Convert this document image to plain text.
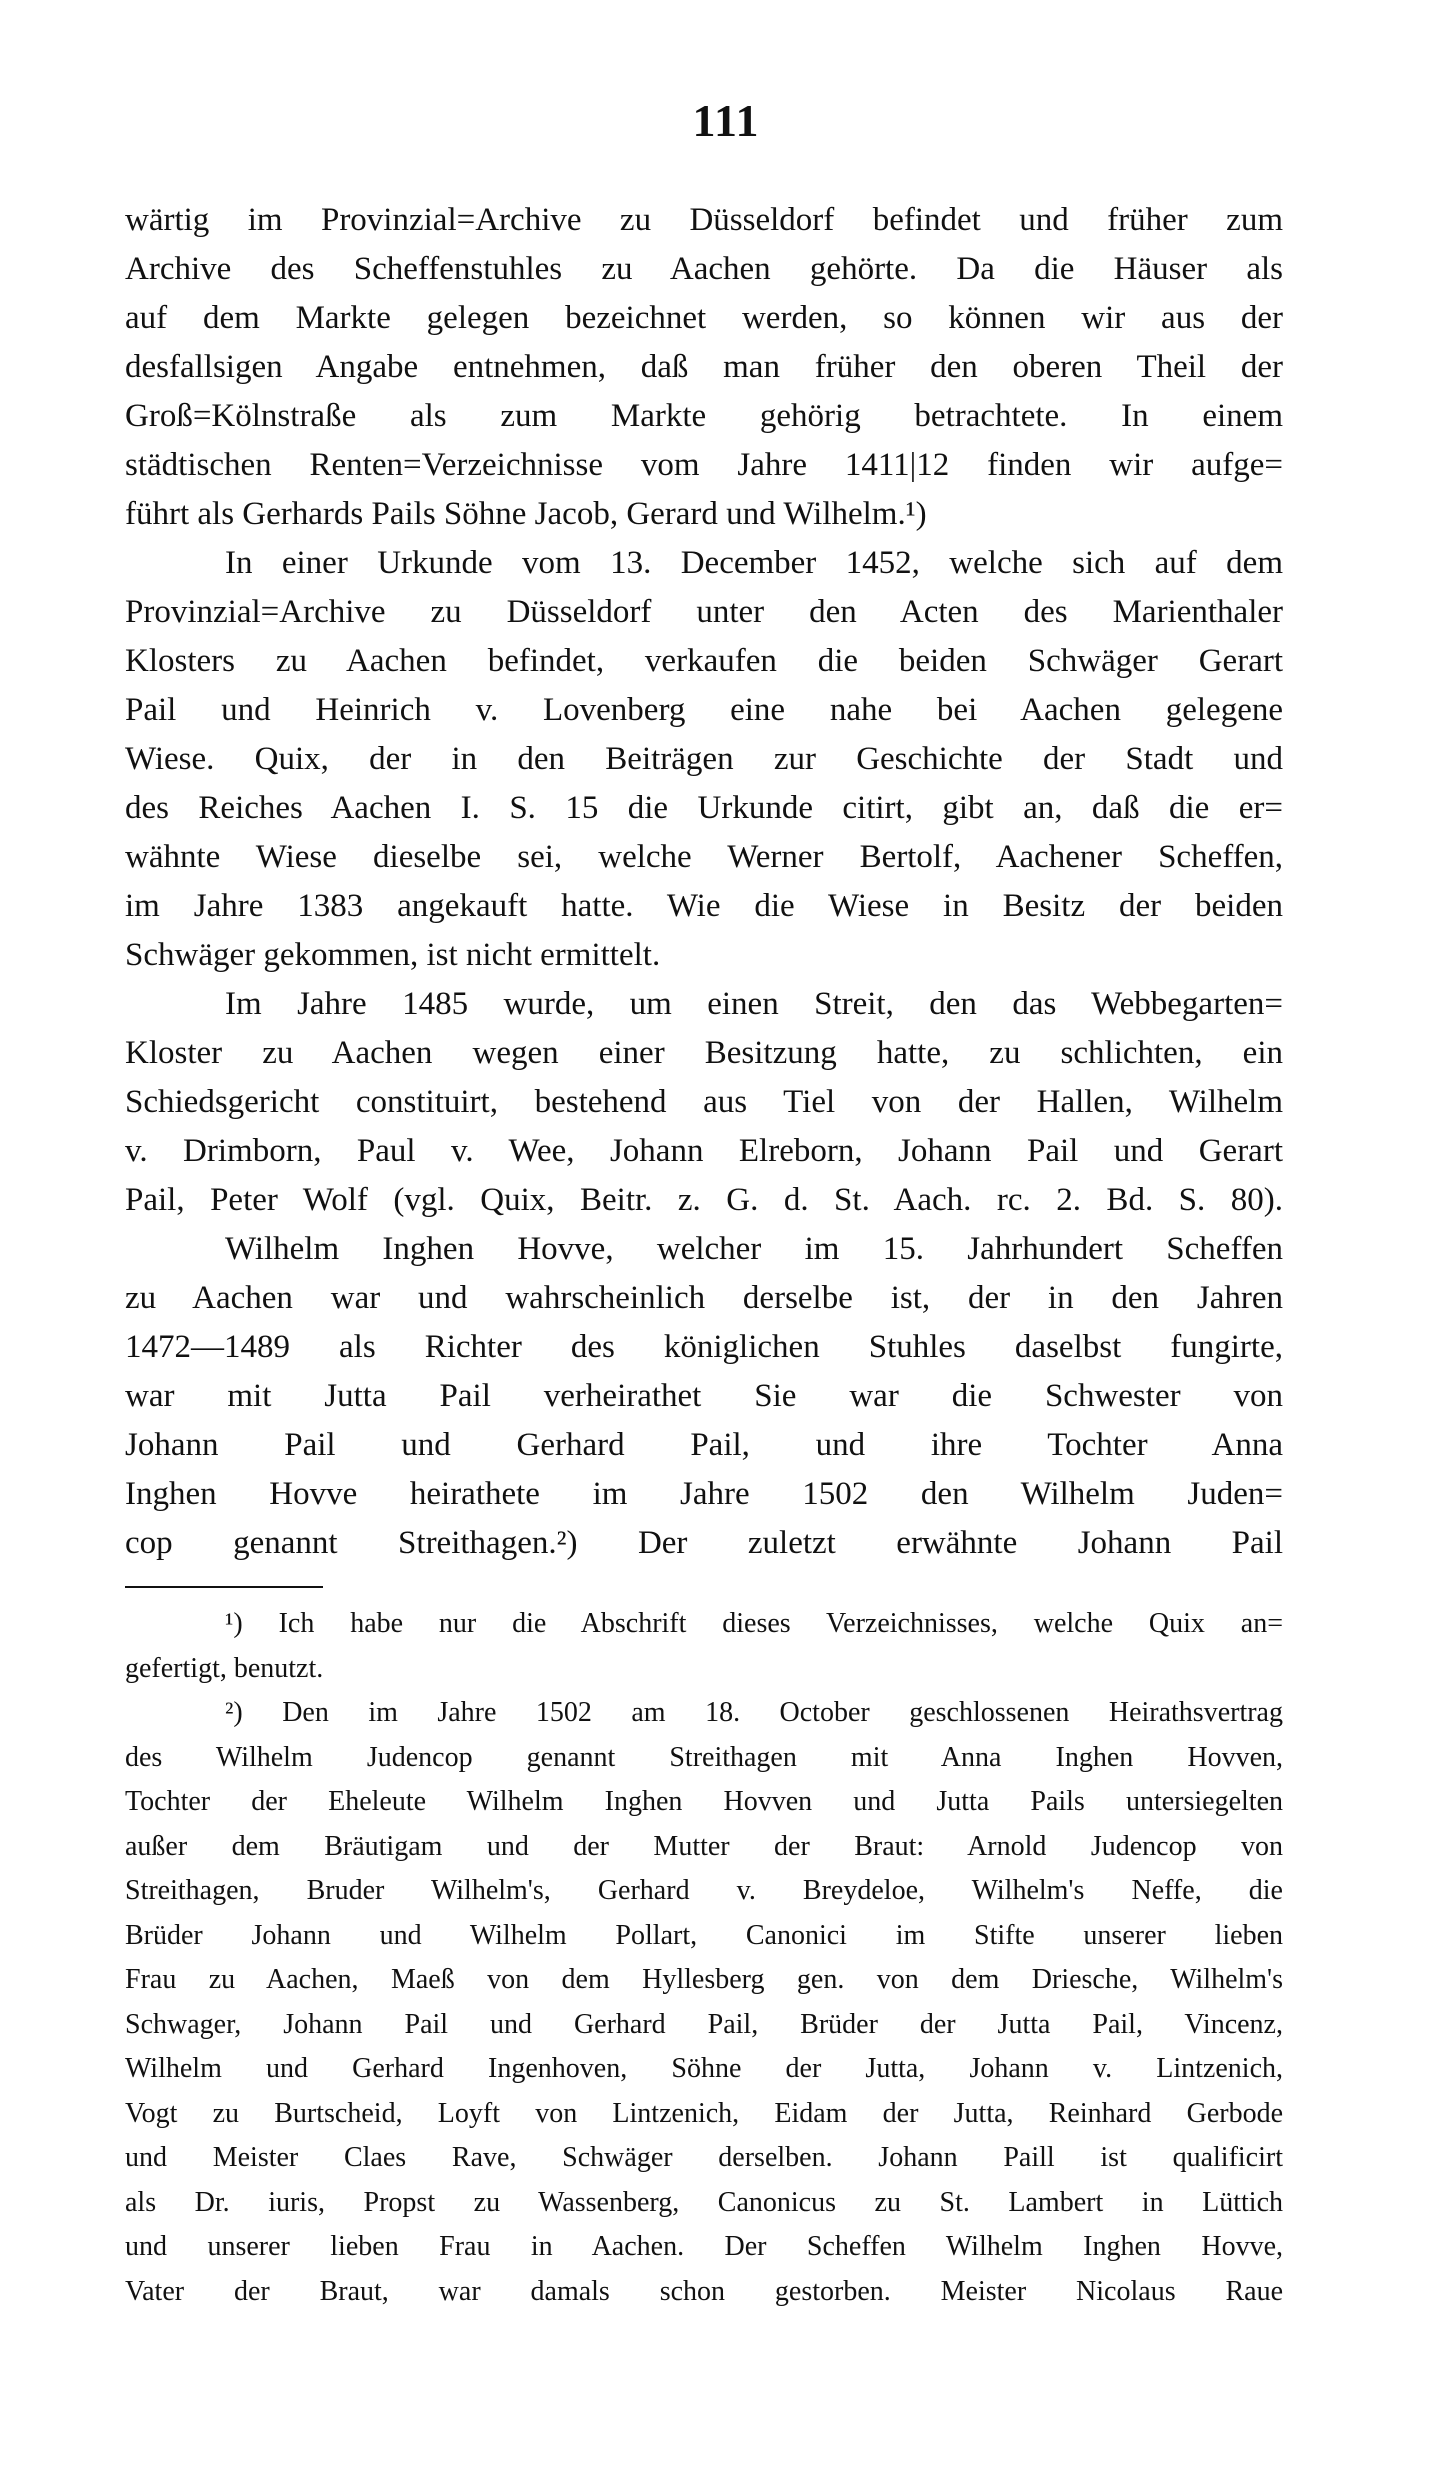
111
wärtig im Provinzial=Archive zu Düsseldorf befindet und früher zum
Archive des Scheffenstuhles zu Aachen gehörte. Da die Häuser als
auf dem Markte gelegen bezeichnet werden, so können wir aus der
desfallsigen Angabe entnehmen, daß man früher den oberen Theil der
Groß=Kölnstraße als zum Markte gehörig betrachtete. In einem
städtischen Renten=Verzeichnisse vom Jahre 1411|12 finden wir aufge=
führt als Gerhards Pails Söhne Jacob, Gerard und Wilhelm.¹)
In einer Urkunde vom 13. December 1452, welche sich auf dem
Provinzial=Archive zu Düsseldorf unter den Acten des Marienthaler
Klosters zu Aachen befindet, verkaufen die beiden Schwäger Gerart
Pail und Heinrich v. Lovenberg eine nahe bei Aachen gelegene
Wiese. Quix, der in den Beiträgen zur Geschichte der Stadt und
des Reiches Aachen I. S. 15 die Urkunde citirt, gibt an, daß die er=
wähnte Wiese dieselbe sei, welche Werner Bertolf, Aachener Scheffen,
im Jahre 1383 angekauft hatte. Wie die Wiese in Besitz der beiden
Schwäger gekommen, ist nicht ermittelt.
Im Jahre 1485 wurde, um einen Streit, den das Webbegarten=
Kloster zu Aachen wegen einer Besitzung hatte, zu schlichten, ein
Schiedsgericht constituirt, bestehend aus Tiel von der Hallen, Wilhelm
v. Drimborn, Paul v. Wee, Johann Elreborn, Johann Pail und Gerart
Pail, Peter Wolf (vgl. Quix, Beitr. z. G. d. St. Aach. rc. 2. Bd. S. 80).
Wilhelm Inghen Hovve, welcher im 15. Jahrhundert Scheffen
zu Aachen war und wahrscheinlich derselbe ist, der in den Jahren
1472—1489 als Richter des königlichen Stuhles daselbst fungirte,
war mit Jutta Pail verheirathet Sie war die Schwester von
Johann Pail und Gerhard Pail, und ihre Tochter Anna
Inghen Hovve heirathete im Jahre 1502 den Wilhelm Juden=
cop genannt Streithagen.²) Der zuletzt erwähnte Johann Pail
¹) Ich habe nur die Abschrift dieses Verzeichnisses, welche Quix an=
gefertigt, benutzt.
²) Den im Jahre 1502 am 18. October geschlossenen Heirathsvertrag
des Wilhelm Judencop genannt Streithagen mit Anna Inghen Hovven,
Tochter der Eheleute Wilhelm Inghen Hovven und Jutta Pails untersiegelten
außer dem Bräutigam und der Mutter der Braut: Arnold Judencop von
Streithagen, Bruder Wilhelm's, Gerhard v. Breydeloe, Wilhelm's Neffe, die
Brüder Johann und Wilhelm Pollart, Canonici im Stifte unserer lieben
Frau zu Aachen, Maeß von dem Hyllesberg gen. von dem Driesche, Wilhelm's
Schwager, Johann Pail und Gerhard Pail, Brüder der Jutta Pail, Vincenz,
Wilhelm und Gerhard Ingenhoven, Söhne der Jutta, Johann v. Lintzenich,
Vogt zu Burtscheid, Loyft von Lintzenich, Eidam der Jutta, Reinhard Gerbode
und Meister Claes Rave, Schwäger derselben. Johann Paill ist qualificirt
als Dr. iuris, Propst zu Wassenberg, Canonicus zu St. Lambert in Lüttich
und unserer lieben Frau in Aachen. Der Scheffen Wilhelm Inghen Hovve,
Vater der Braut, war damals schon gestorben. Meister Nicolaus Raue
